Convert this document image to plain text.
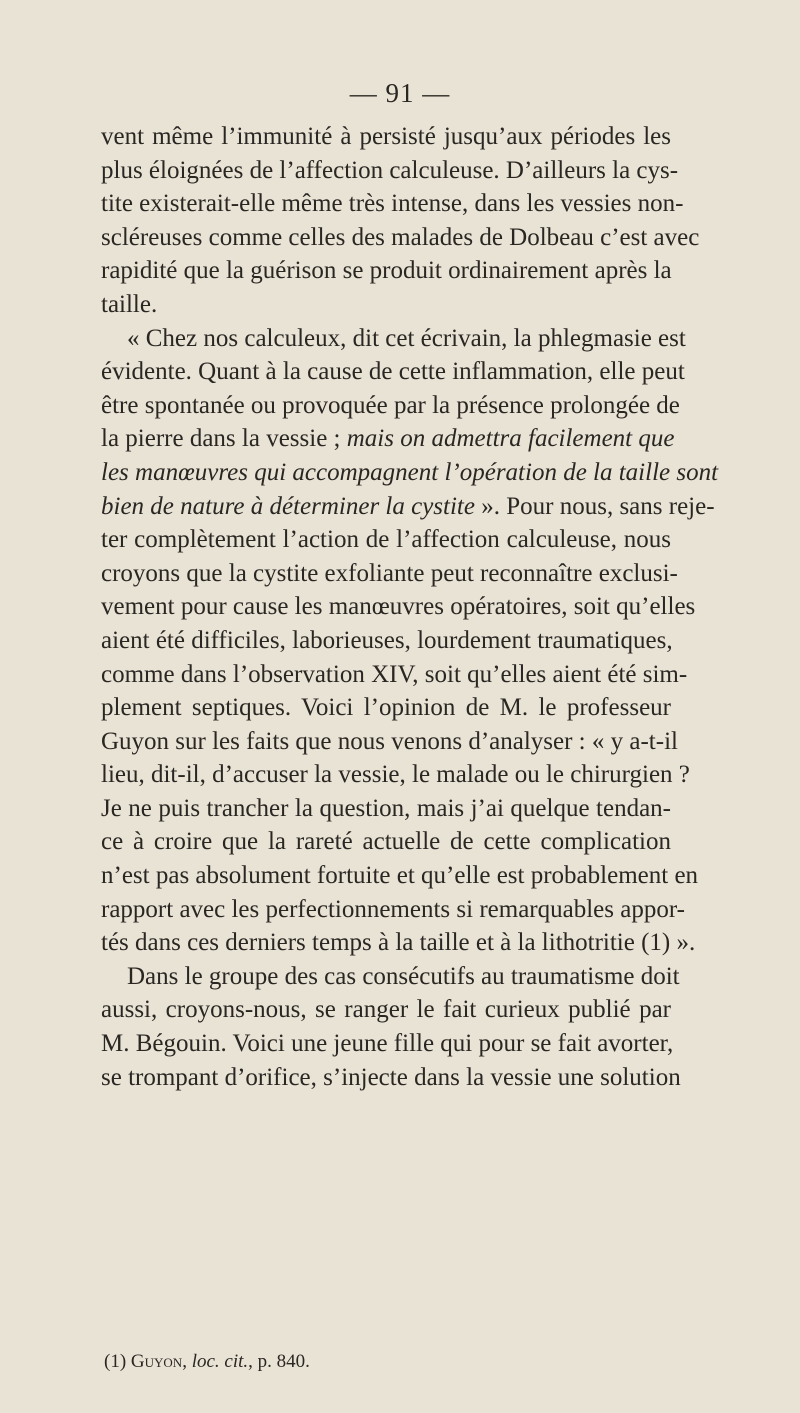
— 91 —
vent même l’immunité à persisté jusqu’aux périodes les
plus éloignées de l’affection calculeuse. D’ailleurs la cys-
tite existerait-elle même très intense, dans les vessies non-
scléreuses comme celles des malades de Dolbeau c’est avec
rapidité que la guérison se produit ordinairement après la
taille.
« Chez nos calculeux, dit cet écrivain, la phlegmasie est
évidente. Quant à la cause de cette inflammation, elle peut
être spontanée ou provoquée par la présence prolongée de
la pierre dans la vessie ; mais on admettra facilement que
les manœuvres qui accompagnent l’opération de la taille sont
bien de nature à déterminer la cystite ». Pour nous, sans reje-
ter complètement l’action de l’affection calculeuse, nous
croyons que la cystite exfoliante peut reconnaître exclusi-
vement pour cause les manœuvres opératoires, soit qu’elles
aient été difficiles, laborieuses, lourdement traumatiques,
comme dans l’observation XIV, soit qu’elles aient été sim-
plement septiques. Voici l’opinion de M. le professeur
Guyon sur les faits que nous venons d’analyser : « y a-t-il
lieu, dit-il, d’accuser la vessie, le malade ou le chirurgien ?
Je ne puis trancher la question, mais j’ai quelque tendan-
ce à croire que la rareté actuelle de cette complication
n’est pas absolument fortuite et qu’elle est probablement en
rapport avec les perfectionnements si remarquables appor-
tés dans ces derniers temps à la taille et à la lithotritie (1) ».
Dans le groupe des cas consécutifs au traumatisme doit
aussi, croyons-nous, se ranger le fait curieux publié par
M. Bégouin. Voici une jeune fille qui pour se fait avorter,
se trompant d’orifice, s’injecte dans la vessie une solution
(1) Guyon, loc. cit., p. 840.
